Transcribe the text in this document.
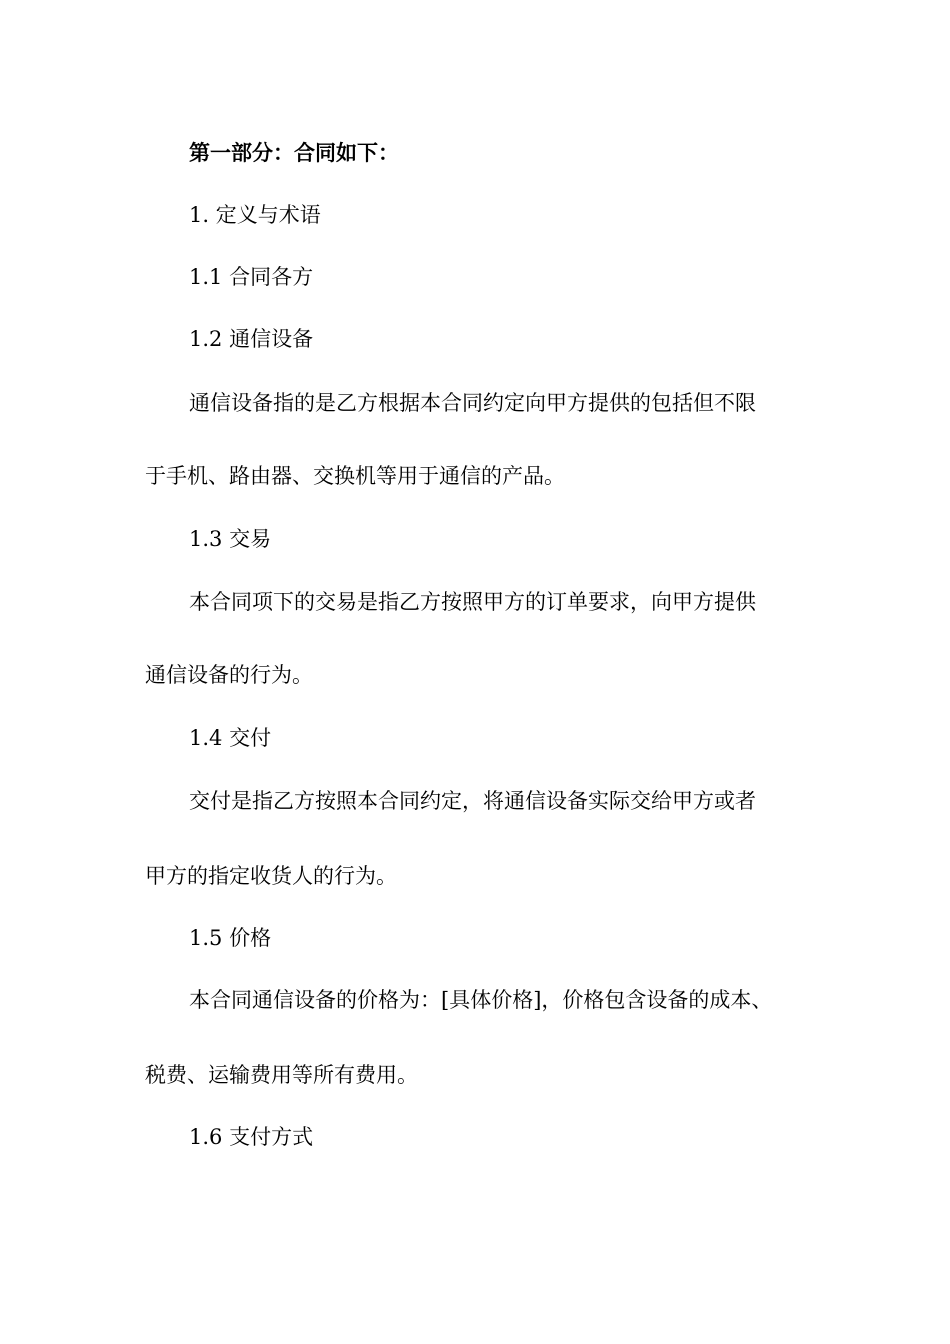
第一部分：合同如下：
1. 定义与术语
1.1 合同各方
1.2 通信设备
通信设备指的是乙方根据本合同约定向甲方提供的包括但不限
于手机、路由器、交换机等用于通信的产品。
1.3 交易
本合同项下的交易是指乙方按照甲方的订单要求，向甲方提供
通信设备的行为。
1.4 交付
交付是指乙方按照本合同约定，将通信设备实际交给甲方或者
甲方的指定收货人的行为。
1.5 价格
本合同通信设备的价格为：[具体价格]，价格包含设备的成本、
税费、运输费用等所有费用。
1.6 支付方式
